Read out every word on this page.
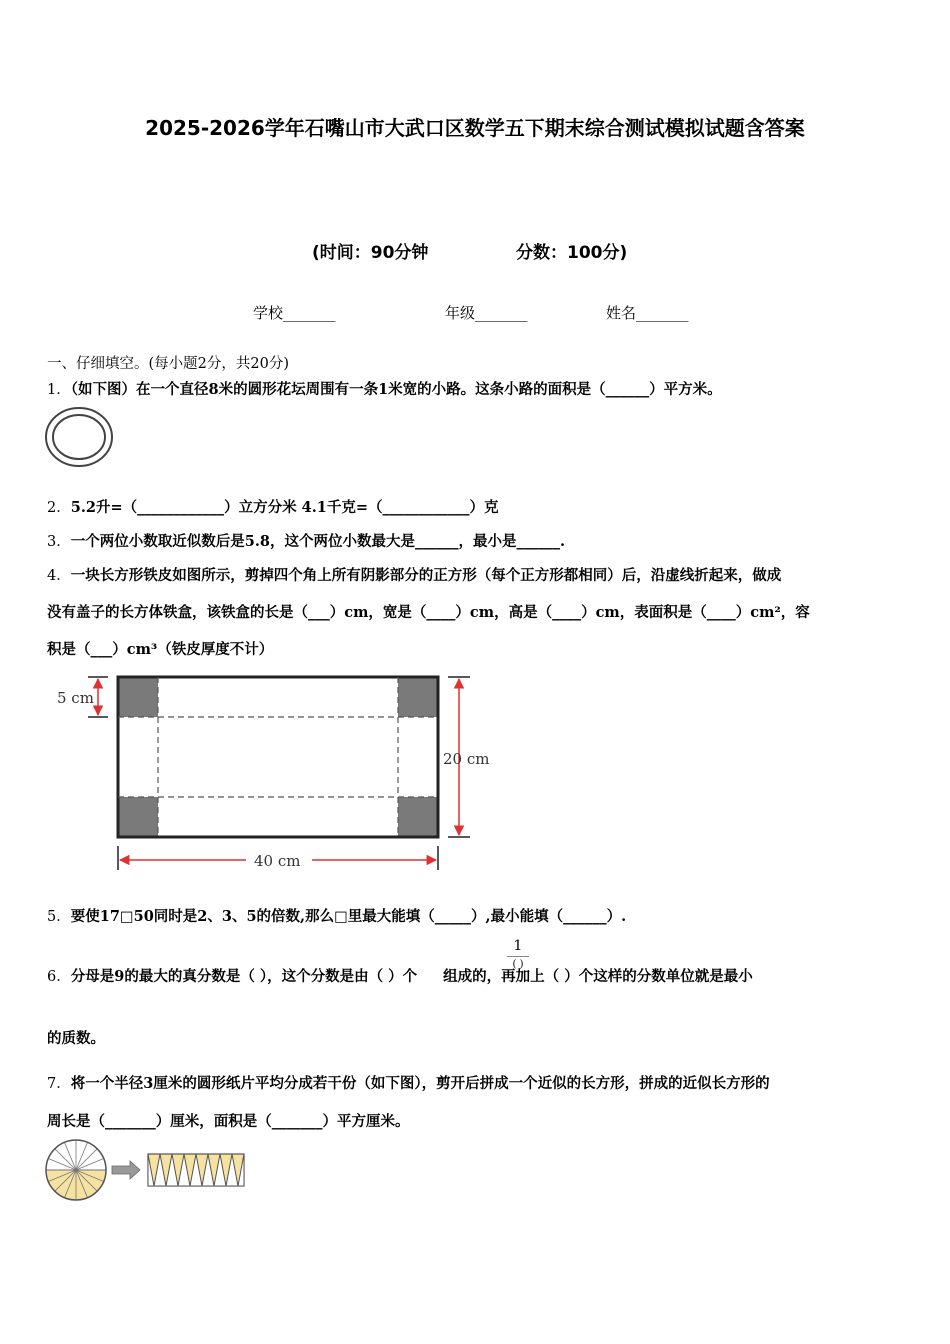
2025-2026学年石嘴山市大武口区数学五下期末综合测试模拟试题含答案
(时间：90分钟	分数：100分)
学校_______	年级_______	姓名_______
一、仔细填空。(每小题2分，共20分)
1．（如下图）在一个直径8米的圆形花坛周围有一条1米宽的小路。这条小路的面积是（______）平方米。
2．5.2升=（____________）立方分米 4.1千克=（____________）克
3．一个两位小数取近似数后是5.8，这个两位小数最大是______，最小是______.
4．一块长方形铁皮如图所示，剪掉四个角上所有阴影部分的正方形（每个正方形都相同）后，沿虚线折起来，做成
没有盖子的长方体铁盒，该铁盒的长是（___）cm，宽是（____）cm，高是（____）cm，表面积是（____）cm²，容
积是（___）cm³（铁皮厚度不计）
5 cm
20 cm
40 cm
5．要使17□50同时是2、3、5的倍数,那么□里最大能填（_____）,最小能填（______）.
6．分母是9的最大的真分数是（ ），这个分数是由（ ）个 组成的，再加上（ ）个这样的分数单位就是最小
1
( )
的质数。
7．将一个半径3厘米的圆形纸片平均分成若干份（如下图），剪开后拼成一个近似的长方形，拼成的近似长方形的
周长是（_______）厘米，面积是（_______）平方厘米。
